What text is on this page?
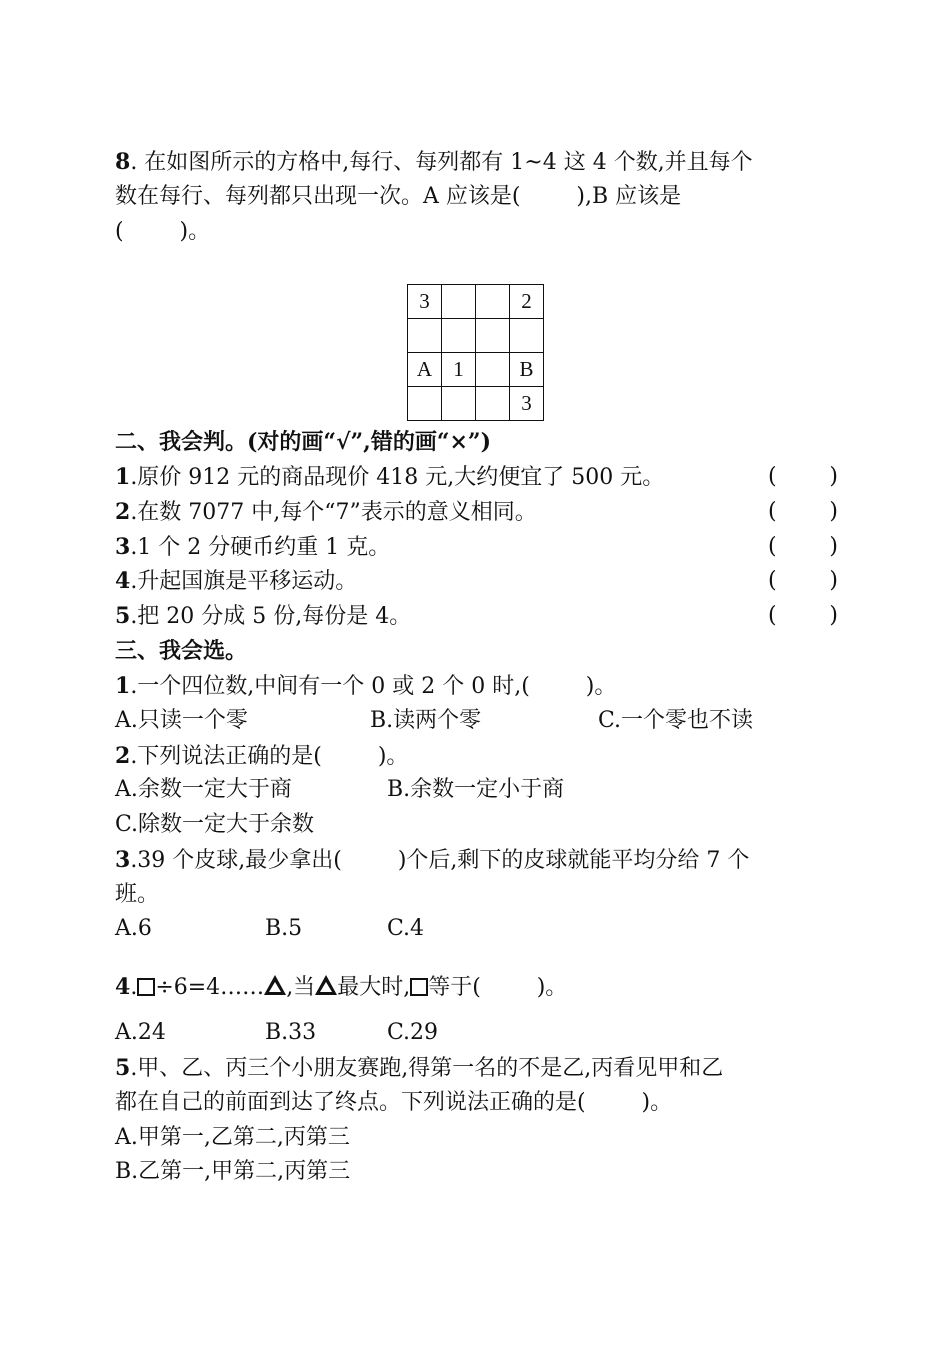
8. 在如图所示的方格中,每行、每列都有 1~4 这 4 个数,并且每个

数在每行、每列都只出现一次。A 应该是(        ),B 应该是

(        )。

3			2

A	1		B
			3

二、我会判。(对的画“√”,错的画“×”)

1.原价 912 元的商品现价 418 元,大约便宜了 500 元。	( )

2.在数 7077 中,每个“7”表示的意义相同。	( )

3.1 个 2 分硬币约重 1 克。	( )

4.升起国旗是平移运动。	( )

5.把 20 分成 5 份,每份是 4。	( )

三、我会选。

1.一个四位数,中间有一个 0 或 2 个 0 时,(        )。

A.只读一个零	B.读两个零	C.一个零也不读

2.下列说法正确的是(        )。

A.余数一定大于商	B.余数一定小于商
C.除数一定大于余数

3.39 个皮球,最少拿出(        )个后,剩下的皮球就能平均分给 7 个

班。

A.6	B.5	C.4

4. ÷6=4…… ,当 最大时, 等于(        )。

A.24	B.33	C.29

5.甲、乙、丙三个小朋友赛跑,得第一名的不是乙,丙看见甲和乙

都在自己的前面到达了终点。下列说法正确的是(        )。

A.甲第一,乙第二,丙第三
B.乙第一,甲第二,丙第三
